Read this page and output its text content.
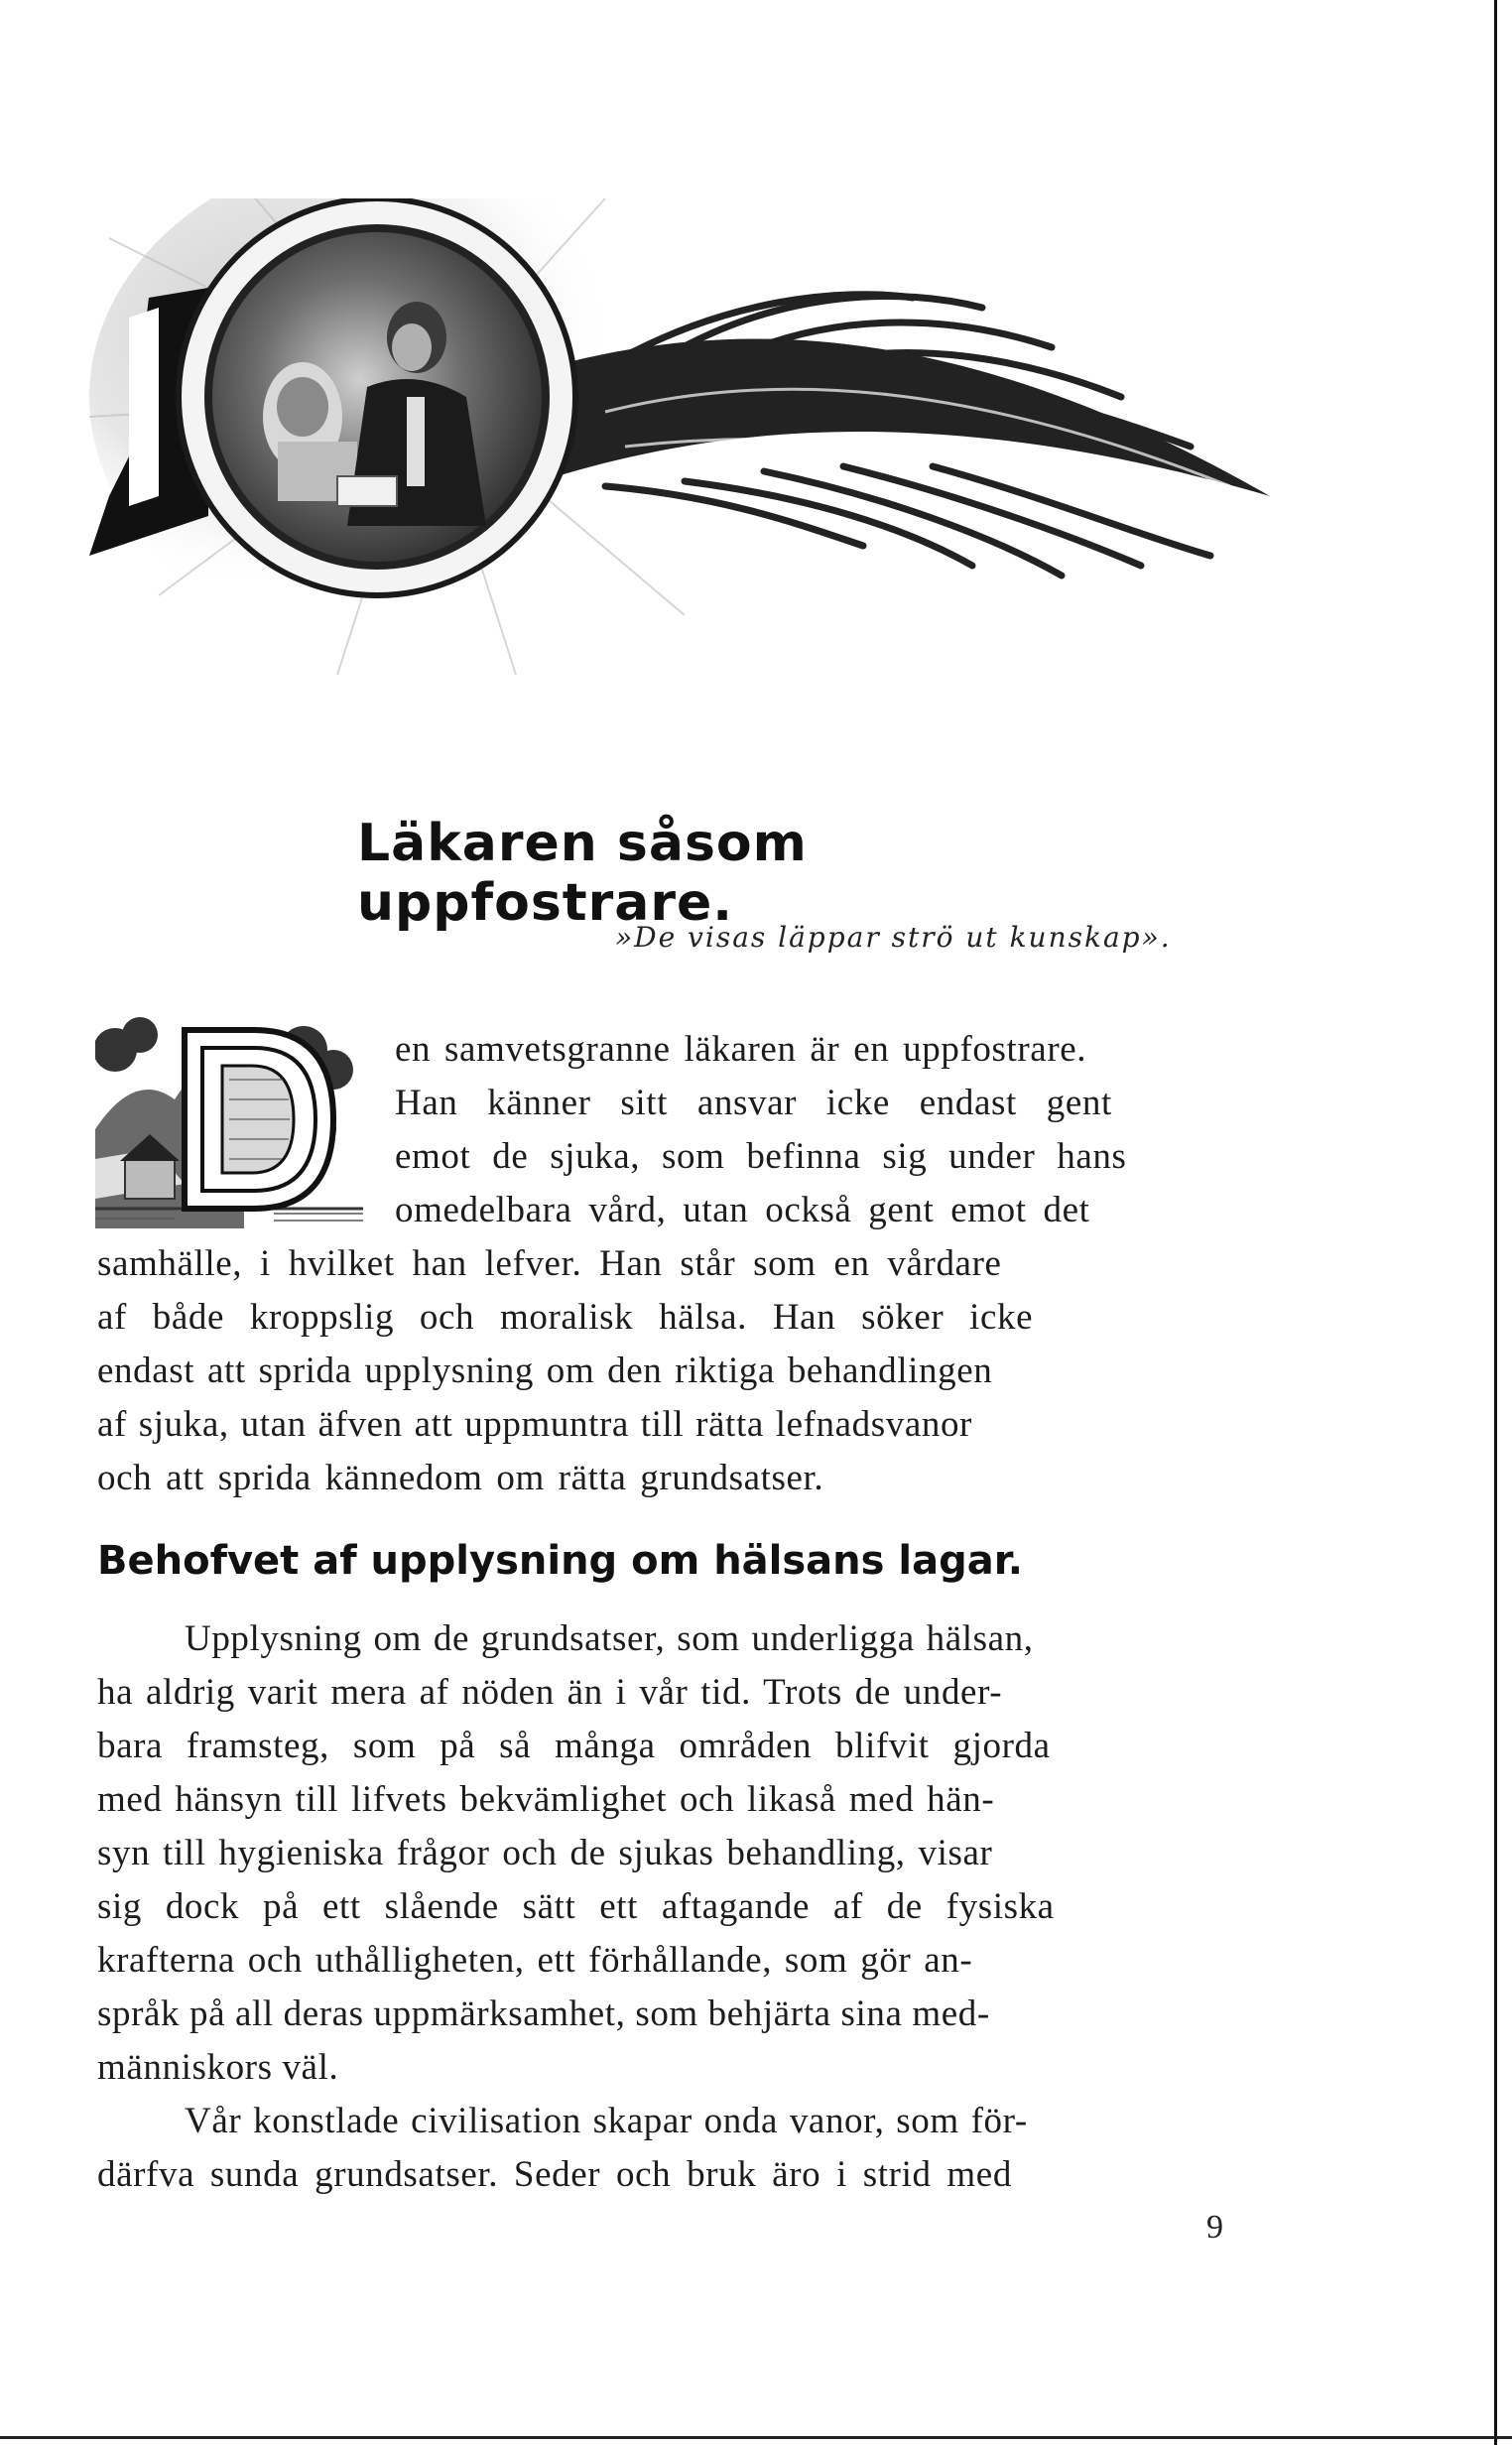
Läkaren såsom uppfostrare.
»De visas läppar strö ut kunskap».
en samvetsgranne läkaren är en uppfostrare.
Han känner sitt ansvar icke endast gent
emot de sjuka, som befinna sig under hans
omedelbara vård, utan också gent emot det
samhälle, i hvilket han lefver. Han står som en vårdare
af både kroppslig och moralisk hälsa. Han söker icke
endast att sprida upplysning om den riktiga behandlingen
af sjuka, utan äfven att uppmuntra till rätta lefnadsvanor
och att sprida kännedom om rätta grundsatser.
Behofvet af upplysning om hälsans lagar.
Upplysning om de grundsatser, som underligga hälsan,
ha aldrig varit mera af nöden än i vår tid. Trots de under-
bara framsteg, som på så många områden blifvit gjorda
med hänsyn till lifvets bekvämlighet och likaså med hän-
syn till hygieniska frågor och de sjukas behandling, visar
sig dock på ett slående sätt ett aftagande af de fysiska
krafterna och uthålligheten, ett förhållande, som gör an-
språk på all deras uppmärksamhet, som behjärta sina med-
människors väl.
Vår konstlade civilisation skapar onda vanor, som för-
därfva sunda grundsatser. Seder och bruk äro i strid med
9
